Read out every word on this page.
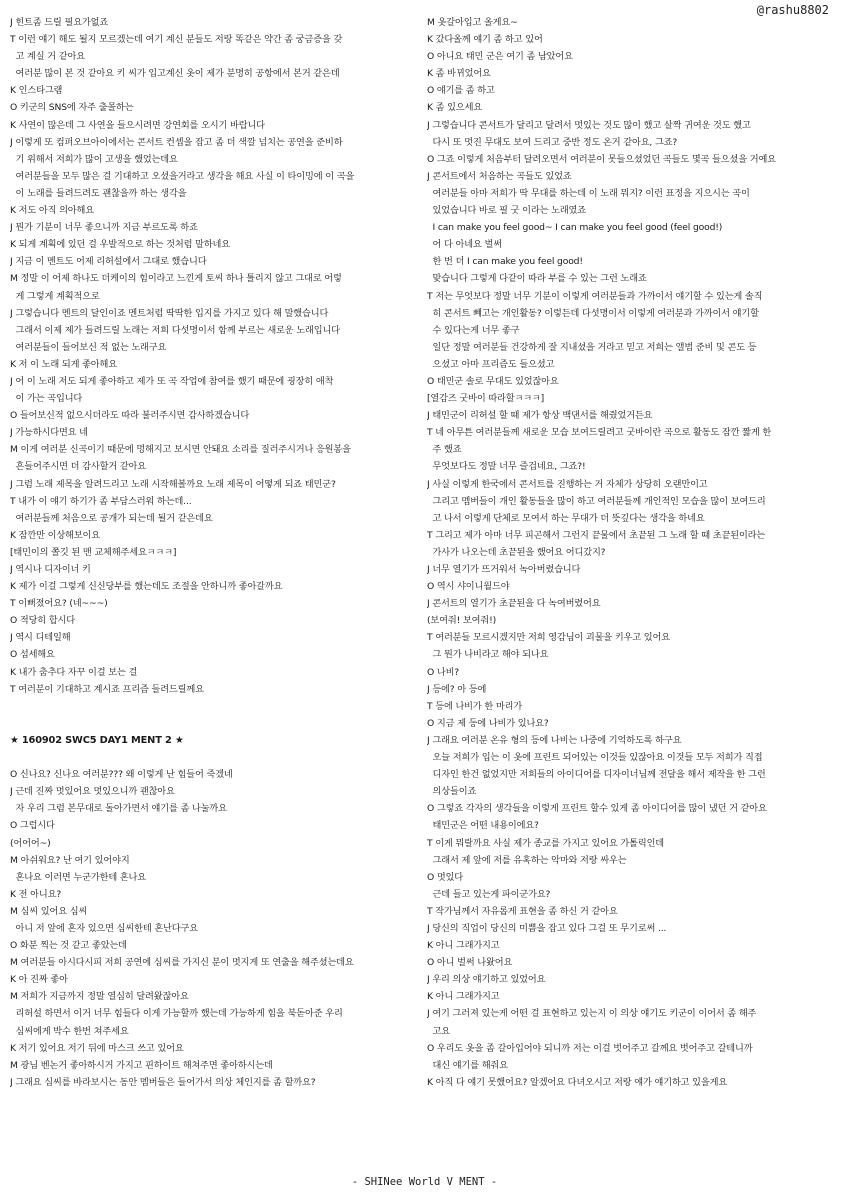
@rashu8802
J 힌트좀 드릴 필요가없죠
T 이런 얘기 해도 될지 모르겠는데 여기 계신 분들도 저랑 똑같은 약간 좀 궁금증을 갖
고 계실 거 같아요
여러분 많이 본 것 같아요 키 씨가 입고계신 옷이 제가 분명히 공항에서 본거 같은데
K 인스타그램
O 키군의 SNS에 자주 출몰하는
K 사연이 많은데 그 사연을 들으시려면 강연회를 오시기 바랍니다
J 이렇게 또 컴퍼오브아이에서는 콘서트 컨셉을 잡고 좀 더 색깔 넘치는 공연을 준비하
기 위해서 저희가 많이 고생을 했었는데요
여러분들을 모두 많은 걸 기대하고 오셨을거라고 생각을 해요 사실 이 타이밍에 이 곡을
이 노래를 들려드려도 괜찮을까 하는 생각을
K 저도 아직 의아해요
J 뭔가 기분이 너무 좋으니까 지금 부르도록 하죠
K 되게 계획에 있던 걸 우발적으로 하는 것처럼 말하네요
J 지금 이 멘트도 어제 리허설에서 그대로 했습니다
M 정말 이 어제 하나도 더케이의 힘이라고 느낀게 토씨 하나 틀리지 않고 그대로 어렇
게 그렇게 계획적으로
J 그렇습니다 멘트의 달인이죠 멘트처럼 딱딱한 입지를 가지고 있다 해 말했습니다
그래서 이제 제가 들려드릴 노래는 저희 다섯명이서 함께 부르는 새로운 노래입니다
여러분들이 들어보신 적 없는 노래구요
K 저 이 노래 되게 좋아해요
J 어 이 노래 저도 되게 좋아하고 제가 또 곡 작업에 참여를 했기 때문에 굉장히 애착
이 가는 곡입니다
O 들어보신적 없으시더라도 따라 불러주시면 감사하겠습니다
J 가능하시다면요 네
M 이게 여러분 신곡이기 때문에 멍해지고 보시면 안돼요 소리를 질러주시거나 응원봉을
흔들어주시면 더 감사할거 같아요
J 그럼 노래 제목을 알려드리고 노래 시작해볼까요 노래 제목이 어떻게 되죠 태민군?
T 내가 이 얘기 하기가 좀 부담스러워 하는데...
여러분들께 처음으로 공개가 되는데 될거 같은데요
K 잠깐만 이상해보이요
[태민이의 쫄깃 된 맨 교체해주세요ㅋㅋㅋ]
J 역시나 디자이너 키
K 제가 이걸 그렇게 신신당부를 했는데도 조절을 안하니까 좋아갈까요
T 이뻐졌어요? (네~~~)
O 적당히 합시다
J 역시 디테일해
O 섬세해요
K 내가 춤추다 자꾸 이걸 보는 걸
T 여러분이 기대하고 계시죠 프리즘 들려드릴께요
★ 160902 SWC5 DAY1 MENT 2 ★
O 신나요? 신나요 여러분??? 왜 이렇게 난 힘들어 죽겠네
J 근데 진짜 멋있어요 멋있으니까 괜찮아요
자 우리 그럼 본무대로 돌아가면서 얘기를 좀 나눌까요
O 그럽시다
(어어어~)
M 아쉬워요? 난 여기 있어야지
혼나요 이러면 누군가한테 혼나요
K 전 아니요?
M 심씨 있어요 심씨
아니 저 앞에 혼자 있으면 심씨한테 혼난다구요
O 화분 찍는 것 같고 좋았는데
M 여러분들 아시다시피 저희 공연에 심씨를 가지신 분이 멋지게 또 연출을 해주셨는데요
K 아 진짜 좋아
M 저희가 지금까지 정말 열심히 달려왔잖아요
리허설 하면서 이거 너무 힘들다 이게 가능할까 했는데 가능하게 힘을 북돋아준 우리
심씨에게 박수 한번 쳐주세요
K 저기 있어요 저기 뒤에 마스크 쓰고 있어요
M 광님 벤논거 좋아하시거 가지고 핀하이트 해쳐주면 좋아하시는데
J 그래요 심씨를 바라보시는 동안 멤버들은 들어가서 의상 체인지를 좀 할까요?
M 옷갈아입고 올게요~
K 갔다올께 얘기 좀 하고 있어
O 아니요 태민 군은 여기 좀 남았어요
K 좀 바뀌었어요
O 얘기를 좀 하고
K 좀 있으세요
J 그렇습니다 콘서트가 달리고 달려서 멋있는 것도 많이 했고 살짝 귀여운 것도 했고
다시 또 멋진 무대도 보여 드리고 중반 정도 온거 같아요, 그죠?
O 그죠 이렇게 처음부터 달려오면서 여러분이 못들으셨었던 곡들도 몇곡 들으셨을 거예요
J 콘서트에서 처음하는 곡들도 있었죠
여러분들 아마 저희가 딱 무대를 하는데 이 노래 뭐지? 이런 표정을 지으시는 곡이
있었습니다 바로 필 굿 이라는 노래였죠
I can make you feel good~ I can make you feel good (feel good!)
어 다 아네요 벌써
한 번 더 I can make you feel good!
맞습니다 그렇게 다같이 따라 부를 수 있는 그런 노래죠
T 저는 무엇보다 정말 너무 기분이 이렇게 여러분들과 가까이서 얘기할 수 있는게 솔직
히 콘서트 빼고는 개인활동? 이렇든데 다섯명이서 이렇게 여러분과 가까이서 얘기할
수 있다는게 너무 좋구
일단 정말 여러분들 건강하게 잘 지내셨을 거라고 믿고 저희는 앨범 준비 및 콘도 등
으셨고 아마 프리즘도 들으셨고
O 태민군 솔로 무대도 있었잖아요
[열감즈 굿바이 따라할ㅋㅋㅋ]
J 태민군이 리허설 할 때 제가 항상 백댄서를 해줬었거든요
T 네 아무튼 여러분들께 새로운 모습 보여드릴려고 굿바이란 곡으로 활동도 잠깐 짧게 한
주 했죠
무엇보다도 정말 너무 즐겁네요, 그죠?!
J 사실 이렇게 한국에서 콘서트를 진행하는 거 자체가 상당히 오랜만이고
그리고 멤버들이 개인 활동들을 많이 하고 여러분들께 개인적인 모습을 많이 보여드리
고 나서 이렇게 단체로 모여서 하는 무대가 더 뜻깊다는 생각을 하네요
T 그리고 제가 아마 너무 피곤해서 그런지 끝물에서 초끝된 그 노래 할 때 초끝된이라는
가사가 나오는데 초끝된을 했어요 어디갔지?
J 너무 열기가 뜨거워서 녹아버렸습니다
O 역시 샤이니월드야
J 콘서트의 열기가 초끝된을 다 녹여버렸어요
(보여줘! 보여줘!)
T 여러분들 모르시겠지만 저희 영감님이 괴물을 키우고 있어요
그 뭔가 나비라고 해야 되나요
O 나비?
J 등에? 아 등에
T 등에 나비가 한 마리가
O 지금 제 등에 나비가 있나요?
J 그래요 여러분 온유 형의 등에 나비는 나중에 기억하도록 하구요
오늘 저희가 입는 이 옷에 프린트 되어있는 이것들 있잖아요 이것들 모두 저희가 직접
디자인 한건 없었지만 저희들의 아이디어를 디자이너님께 전달을 해서 제작을 한 그런
의상들이죠
O 그렇죠 각자의 생각들을 이렇게 프린트 할수 있게 좀 아이디어를 많이 냈던 거 같아요
태민군은 어떤 내용이에요?
T 이게 뭐랄까요 사실 제가 종교를 가지고 있어요 가톨릭인데
그래서 제 앞에 저를 유혹하는 악마와 저랑 싸우는
O 멋있다
근데 들고 있는게 파이군가요?
T 작가님께서 자유롭게 표현을 좀 하신 거 같아요
J 당신의 직업이 당신의 미쁨을 잡고 있다 그걸 또 무기로써 ...
K 아니 그래가지고
O 아니 벌써 나왔어요
J 우리 의상 얘기하고 있었어요
K 아니 그래가지고
J 여기 그러져 있는게 어떤 걸 표현하고 있는지 이 의상 얘기도 키군이 이어서 좀 해주
고요
O 우리도 옷을 좀 갈아입어야 되니까 저는 이걸 벗어주고 갈께요 벗어주고 갈테니까
대신 얘기를 해줘요
K 아직 다 얘기 못했어요? 알겠어요 다녀오시고 저랑 얘가 얘기하고 있을게요
- SHINee World V MENT -
